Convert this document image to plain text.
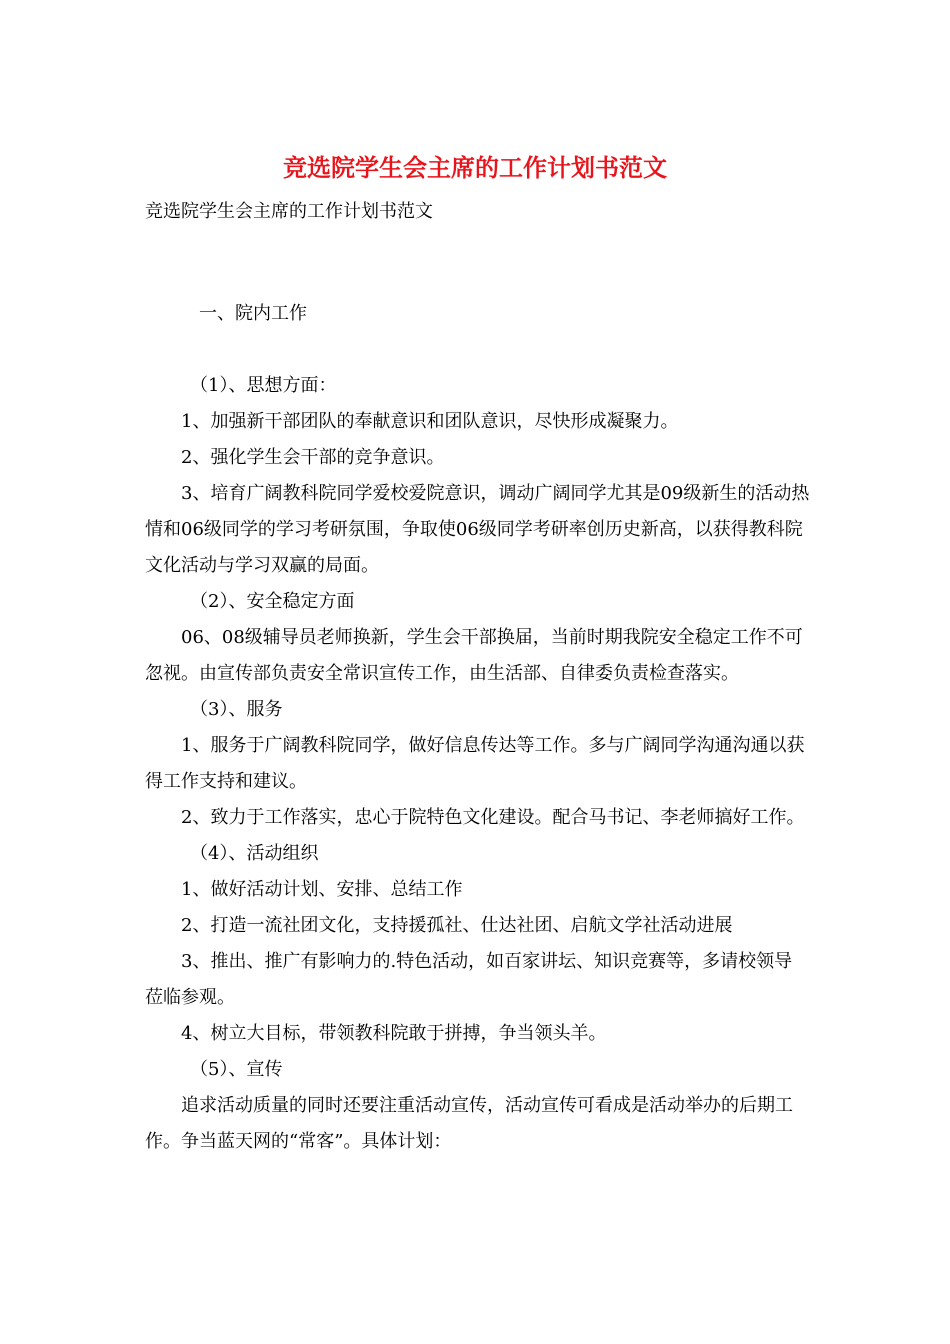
竞选院学生会主席的工作计划书范文
竞选院学生会主席的工作计划书范文

一、院内工作

（1）、思想方面：

1、加强新干部团队的奉献意识和团队意识，尽快形成凝聚力。

2、强化学生会干部的竞争意识。

3、培育广阔教科院同学爱校爱院意识，调动广阔同学尤其是09级新生的活动热情和06级同学的学习考研氛围，争取使06级同学考研率创历史新高，以获得教科院文化活动与学习双赢的局面。

（2）、安全稳定方面

06、08级辅导员老师换新，学生会干部换届，当前时期我院安全稳定工作不可忽视。由宣传部负责安全常识宣传工作，由生活部、自律委负责检查落实。

（3）、服务

1、服务于广阔教科院同学，做好信息传达等工作。多与广阔同学沟通沟通以获得工作支持和建议。

2、致力于工作落实，忠心于院特色文化建设。配合马书记、李老师搞好工作。

（4）、活动组织

1、做好活动计划、安排、总结工作

2、打造一流社团文化，支持援孤社、仕达社团、启航文学社活动进展

3、推出、推广有影响力的.特色活动，如百家讲坛、知识竞赛等，多请校领导莅临参观。

4、树立大目标，带领教科院敢于拼搏，争当领头羊。

（5）、宣传

追求活动质量的同时还要注重活动宣传，活动宣传可看成是活动举办的后期工作。争当蓝天网的“常客”。具体计划：
